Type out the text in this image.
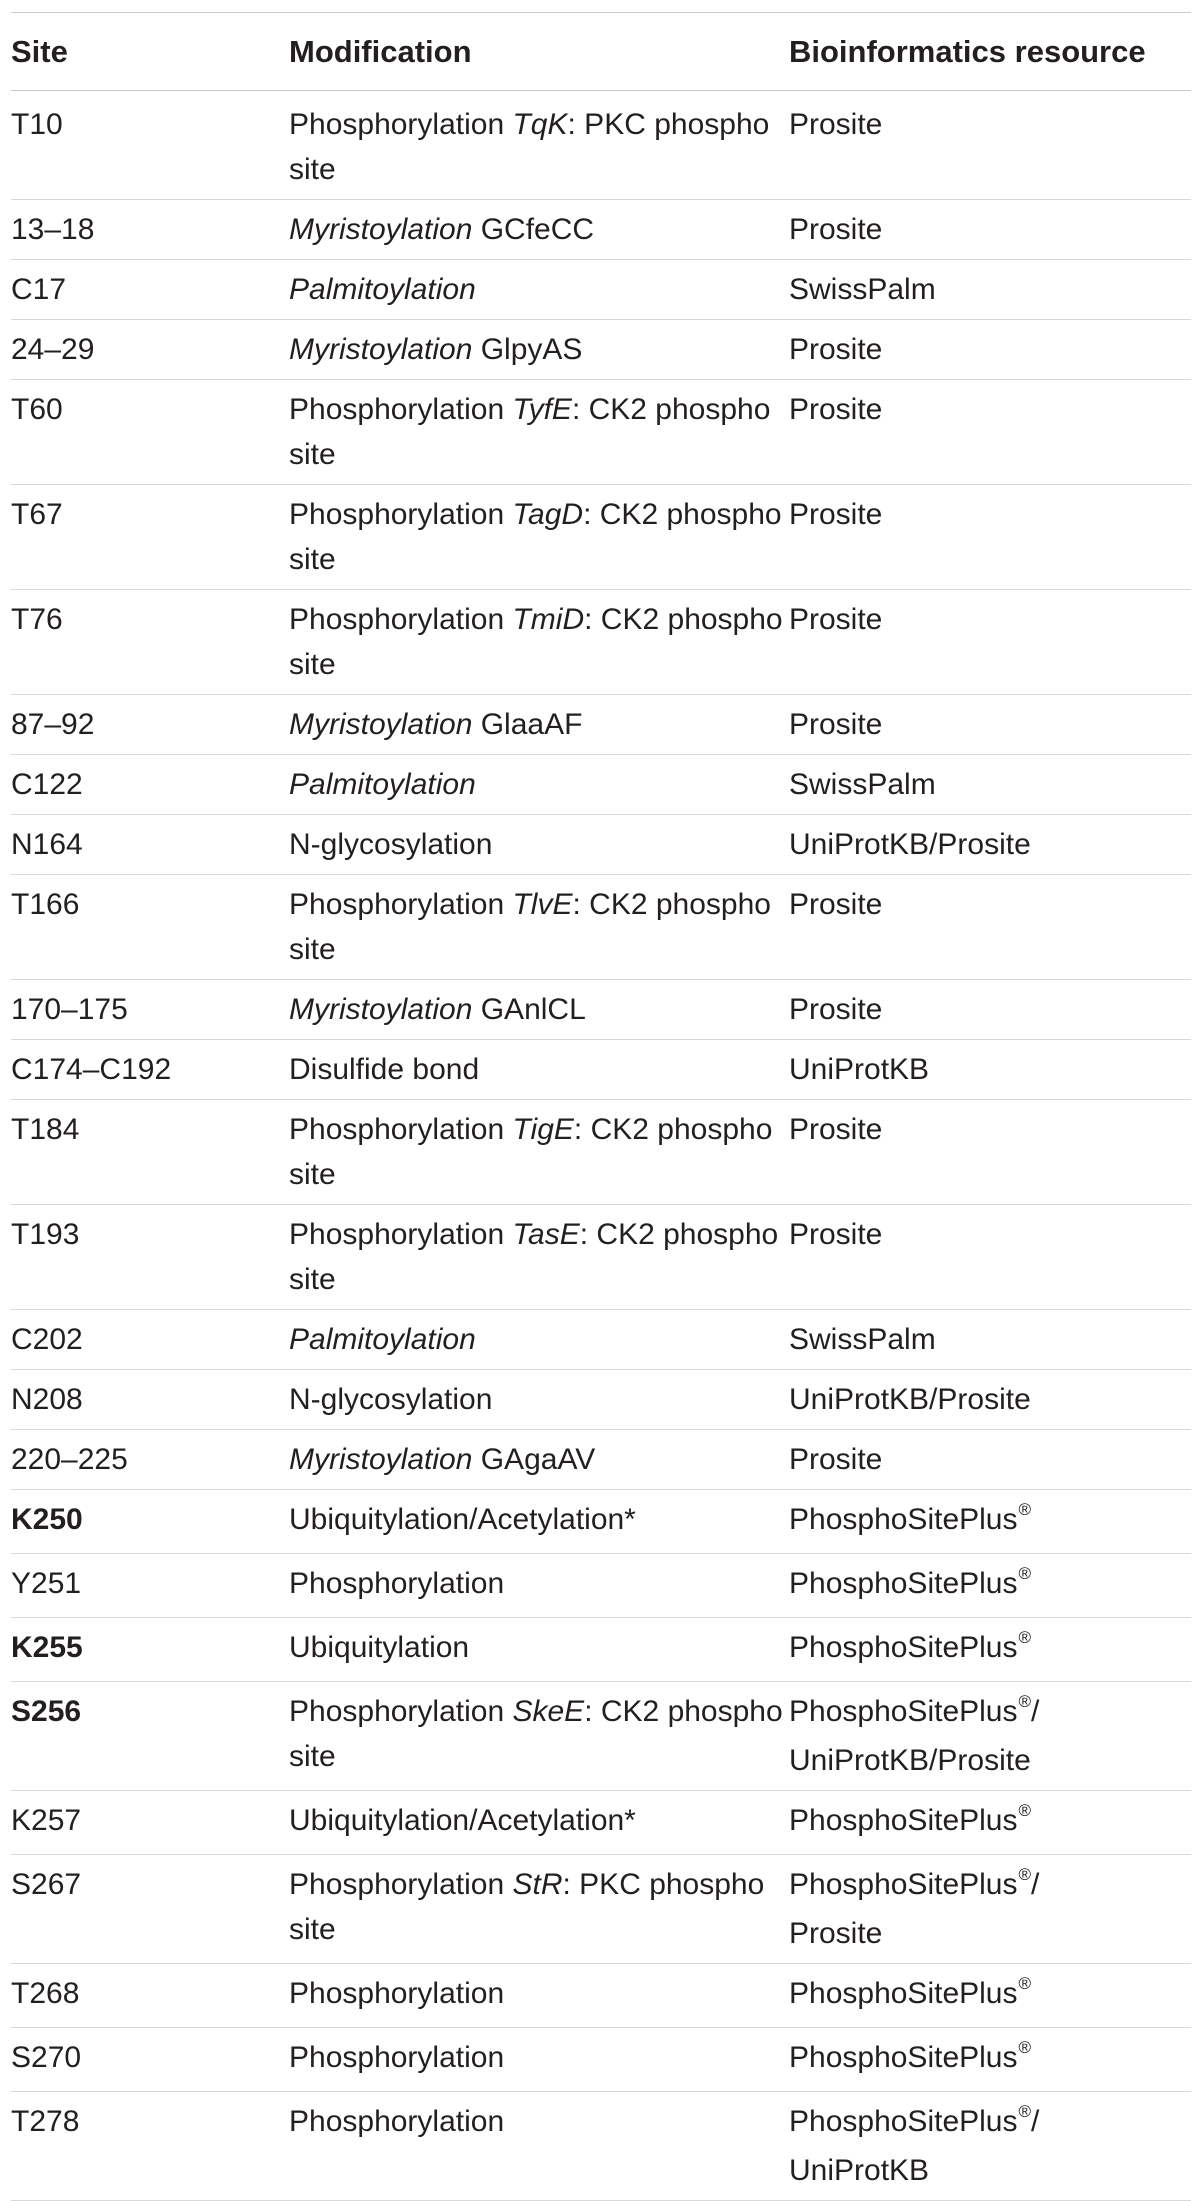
Site	Modification	Bioinformatics resource
T10	Phosphorylation TqK: PKC phospho site	Prosite
13–18	Myristoylation GCfeCC	Prosite
C17	Palmitoylation	SwissPalm
24–29	Myristoylation GlpyAS	Prosite
T60	Phosphorylation TyfE: CK2 phospho site	Prosite
T67	Phosphorylation TagD: CK2 phospho site	Prosite
T76	Phosphorylation TmiD: CK2 phospho site	Prosite
87–92	Myristoylation GlaaAF	Prosite
C122	Palmitoylation	SwissPalm
N164	N-glycosylation	UniProtKB/Prosite
T166	Phosphorylation TlvE: CK2 phospho site	Prosite
170–175	Myristoylation GAnlCL	Prosite
C174–C192	Disulfide bond	UniProtKB
T184	Phosphorylation TigE: CK2 phospho site	Prosite
T193	Phosphorylation TasE: CK2 phospho site	Prosite
C202	Palmitoylation	SwissPalm
N208	N-glycosylation	UniProtKB/Prosite
220–225	Myristoylation GAgaAV	Prosite
K250	Ubiquitylation/Acetylation*	PhosphoSitePlus®
Y251	Phosphorylation	PhosphoSitePlus®
K255	Ubiquitylation	PhosphoSitePlus®
S256	Phosphorylation SkeE: CK2 phospho site	PhosphoSitePlus®/
UniProtKB/Prosite
K257	Ubiquitylation/Acetylation*	PhosphoSitePlus®
S267	Phosphorylation StR: PKC phospho site	PhosphoSitePlus®/
Prosite
T268	Phosphorylation	PhosphoSitePlus®
S270	Phosphorylation	PhosphoSitePlus®
T278	Phosphorylation	PhosphoSitePlus®/
UniProtKB
